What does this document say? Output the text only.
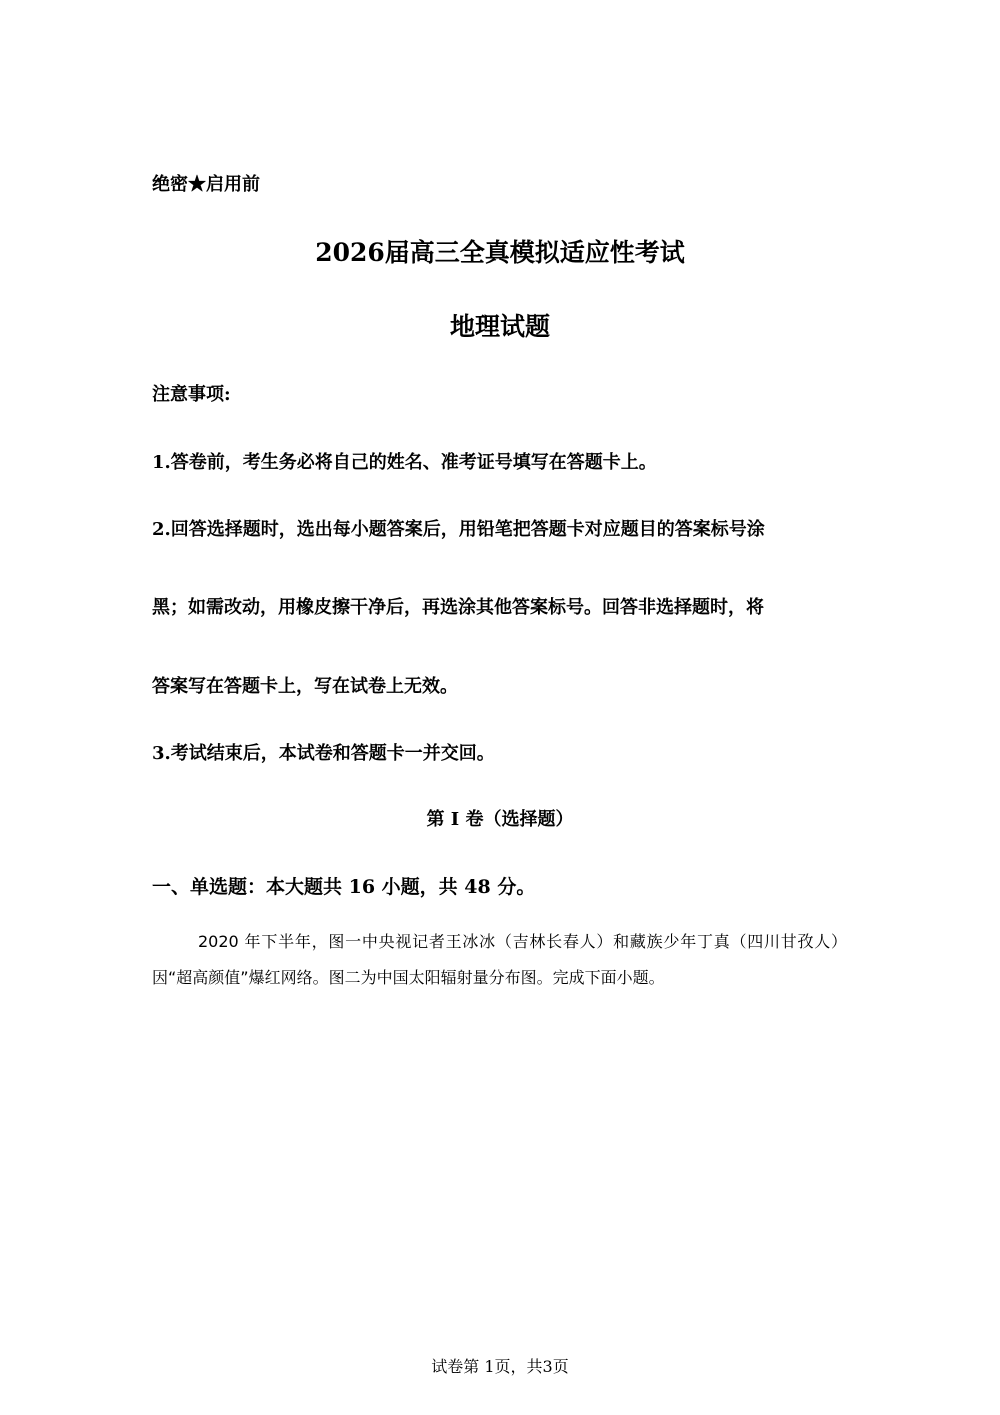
绝密★启用前
2026届高三全真模拟适应性考试
地理试题
注意事项:
1.答卷前，考生务必将自己的姓名、准考证号填写在答题卡上。
2.回答选择题时，选出每小题答案后，用铅笔把答题卡对应题目的答案标号涂
黑；如需改动，用橡皮擦干净后，再选涂其他答案标号。回答非选择题时，将
答案写在答题卡上，写在试卷上无效。
3.考试结束后，本试卷和答题卡一并交回。
第 I 卷（选择题）
一、单选题：本大题共 16 小题，共 48 分。
2020 年下半年，图一中央视记者王冰冰（吉林长春人）和藏族少年丁真（四川甘孜人）因“超高颜值”爆红网络。图二为中国太阳辐射量分布图。完成下面小题。
试卷第 1页，共3页
